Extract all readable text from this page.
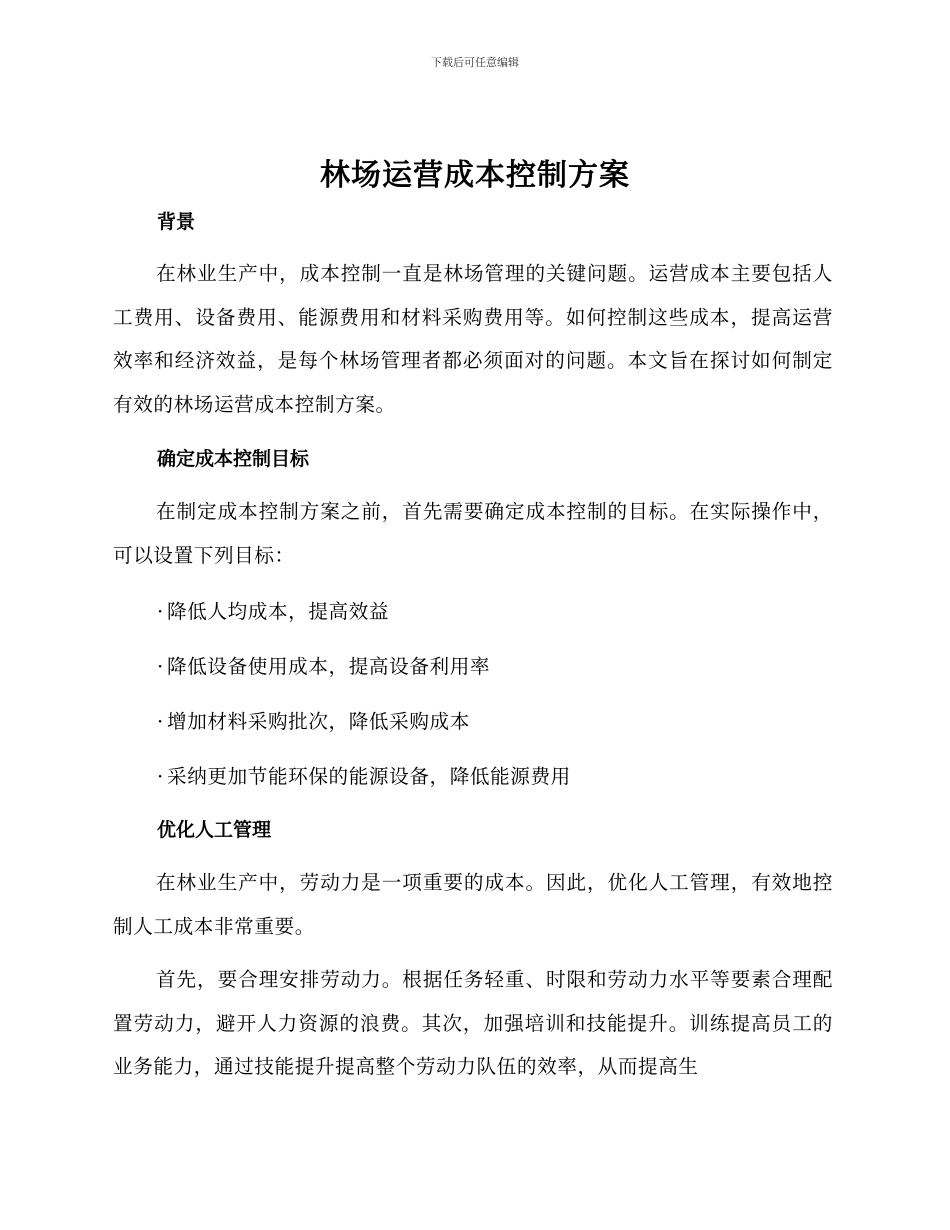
下载后可任意编辑
林场运营成本控制方案
背景
在林业生产中，成本控制一直是林场管理的关键问题。运营成本主要包括人工费用、设备费用、能源费用和材料采购费用等。如何控制这些成本，提高运营效率和经济效益，是每个林场管理者都必须面对的问题。本文旨在探讨如何制定有效的林场运营成本控制方案。
确定成本控制目标
在制定成本控制方案之前，首先需要确定成本控制的目标。在实际操作中，可以设置下列目标：
· 降低人均成本，提高效益
· 降低设备使用成本，提高设备利用率
· 增加材料采购批次，降低采购成本
· 采纳更加节能环保的能源设备，降低能源费用
优化人工管理
在林业生产中，劳动力是一项重要的成本。因此，优化人工管理，有效地控制人工成本非常重要。
首先，要合理安排劳动力。根据任务轻重、时限和劳动力水平等要素合理配置劳动力，避开人力资源的浪费。其次，加强培训和技能提升。训练提高员工的业务能力，通过技能提升提高整个劳动力队伍的效率，从而提高生
